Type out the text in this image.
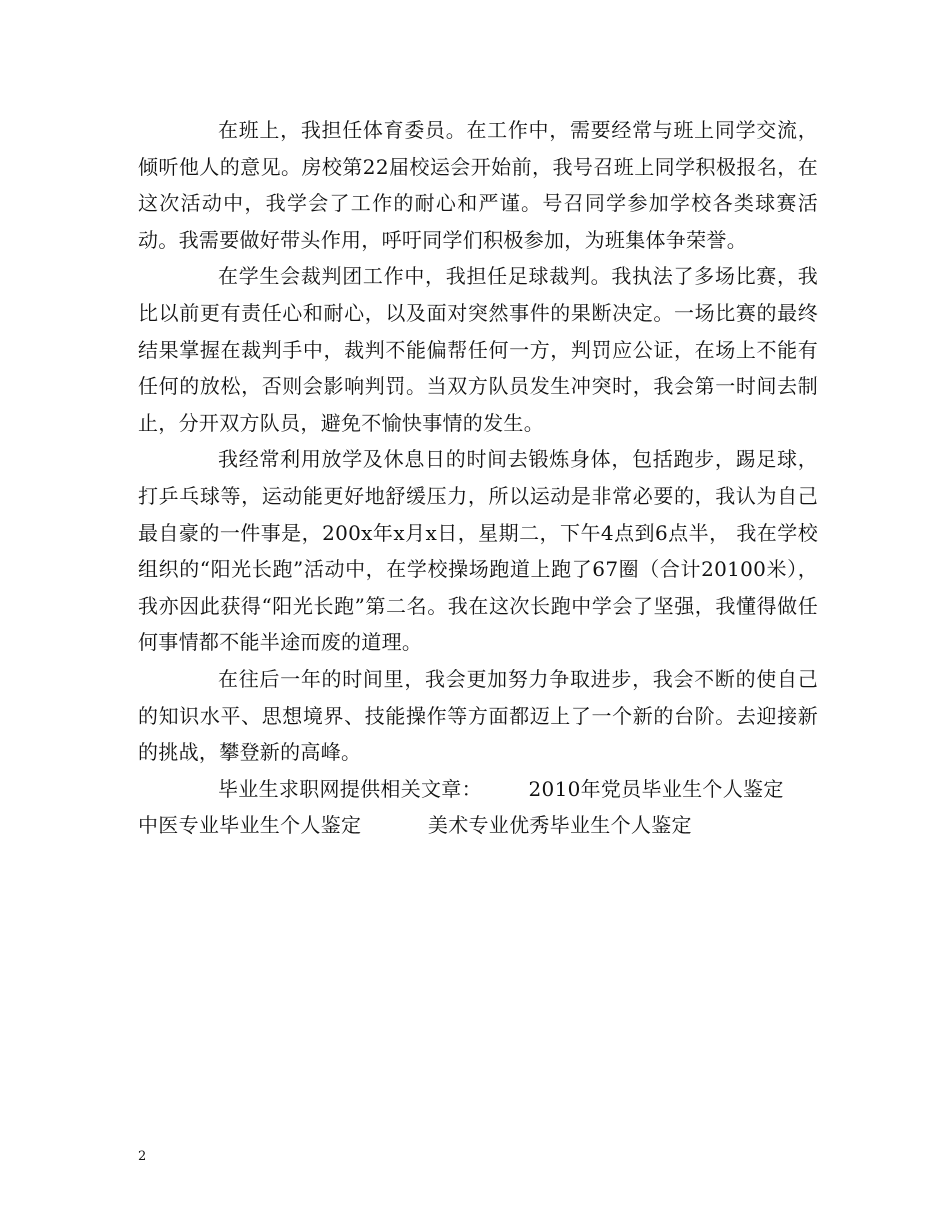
在班上，我担任体育委员。在工作中，需要经常与班上同学交流，倾听他人的意见。房校第22届校运会开始前，我号召班上同学积极报名，在这次活动中，我学会了工作的耐心和严谨。号召同学参加学校各类球赛活动。我需要做好带头作用，呼吁同学们积极参加，为班集体争荣誉。

在学生会裁判团工作中，我担任足球裁判。我执法了多场比赛，我比以前更有责任心和耐心，以及面对突然事件的果断决定。一场比赛的最终结果掌握在裁判手中，裁判不能偏帮任何一方，判罚应公证，在场上不能有任何的放松，否则会影响判罚。当双方队员发生冲突时，我会第一时间去制止，分开双方队员，避免不愉快事情的发生。

我经常利用放学及休息日的时间去锻炼身体，包括跑步，踢足球，打乒乓球等，运动能更好地舒缓压力，所以运动是非常必要的，我认为自己最自豪的一件事是，200x年x月x日，星期二，下午4点到6点半， 我在学校组织的“阳光长跑”活动中，在学校操场跑道上跑了67圈（合计20100米），我亦因此获得“阳光长跑”第二名。我在这次长跑中学会了坚强，我懂得做任何事情都不能半途而废的道理。

在往后一年的时间里，我会更加努力争取进步，我会不断的使自己的知识水平、思想境界、技能操作等方面都迈上了一个新的台阶。去迎接新的挑战，攀登新的高峰。

毕业生求职网提供相关文章： 2010年党员毕业生个人鉴定          中医专业毕业生个人鉴定	美术专业优秀毕业生个人鉴定

2
